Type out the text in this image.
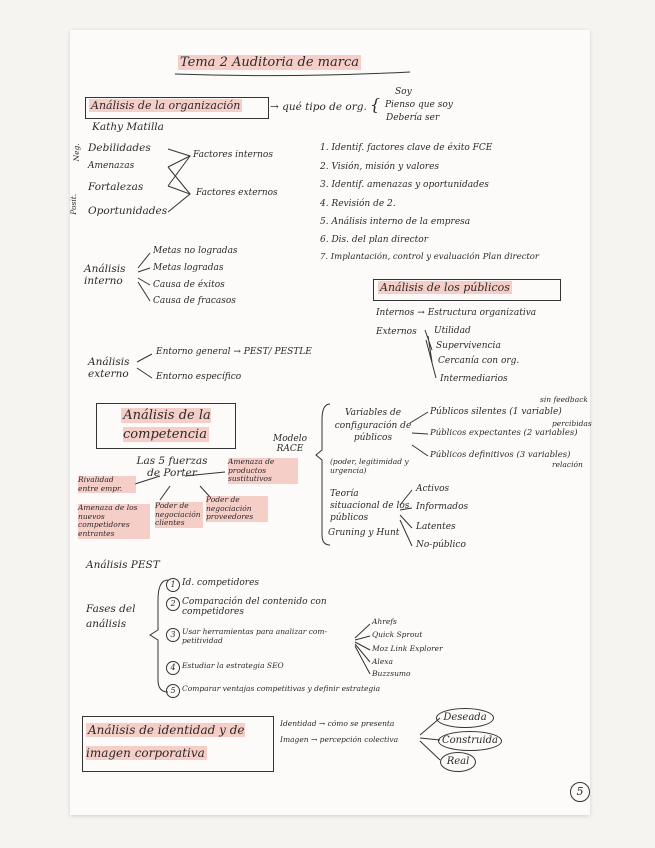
Tema 2 Auditoria de marca
Análisis de la organización	→ qué tipo de org. {
Soy
Pienso que soy
Debería ser
Kathy Matilla
Neg.
Posit.
Debilidades
Amenazas
Fortalezas
Oportunidades
Factores internos
Factores externos
1. Identif. factores clave de éxito FCE
2. Visión, misión y valores
3. Identif. amenazas y oportunidades
4. Revisión de 2.
5. Análisis interno de la empresa
6. Dis. del plan director
7. Implantación, control y evaluación Plan director
Análisis interno
Metas no logradas
Metas logradas
Causa de éxitos
Causa de fracasos
Análisis de los públicos
Internos → Estructura organizativa
Externos Utilidad
Supervivencia
Cercanía con org.
Intermediarios
Análisis externo
Entorno general → PEST/ PESTLE
Entorno específico
Análisis de la competencia
Las 5 fuerzas de Porter
Rivalidad entre empr.
Amenaza de productos sustitutivos
Amenaza de los nuevos competidores entrantes
Poder de negociación clientes
Poder de negociación proveedores
Modelo RACE
Variables de configuración de públicos
(poder, legitimidad y urgencia)
Públicos silentes (1 variable)
Públicos expectantes (2 variables)
Públicos definitivos (3 variables)
sin feedback
percibidas
relación
Teoría situacional de los públicos
Gruning y Hunt
Activos
Informados
Latentes
No-público
Análisis PEST
Fases del análisis
1 Id. competidores
2 Comparación del contenido con competidores
3 Usar herramientas para analizar com-petitividad
4 Estudiar la estrategia SEO
5 Comparar ventajas competitivas y definir estrategia
Ahrefs
Quick Sprout
Moz Link Explorer
Alexa
Buzzsumo
Análisis de identidad y de imagen corporativa
Identidad → cómo se presenta
Imagen → percepción colectiva
Deseada
Construida
Real
5
